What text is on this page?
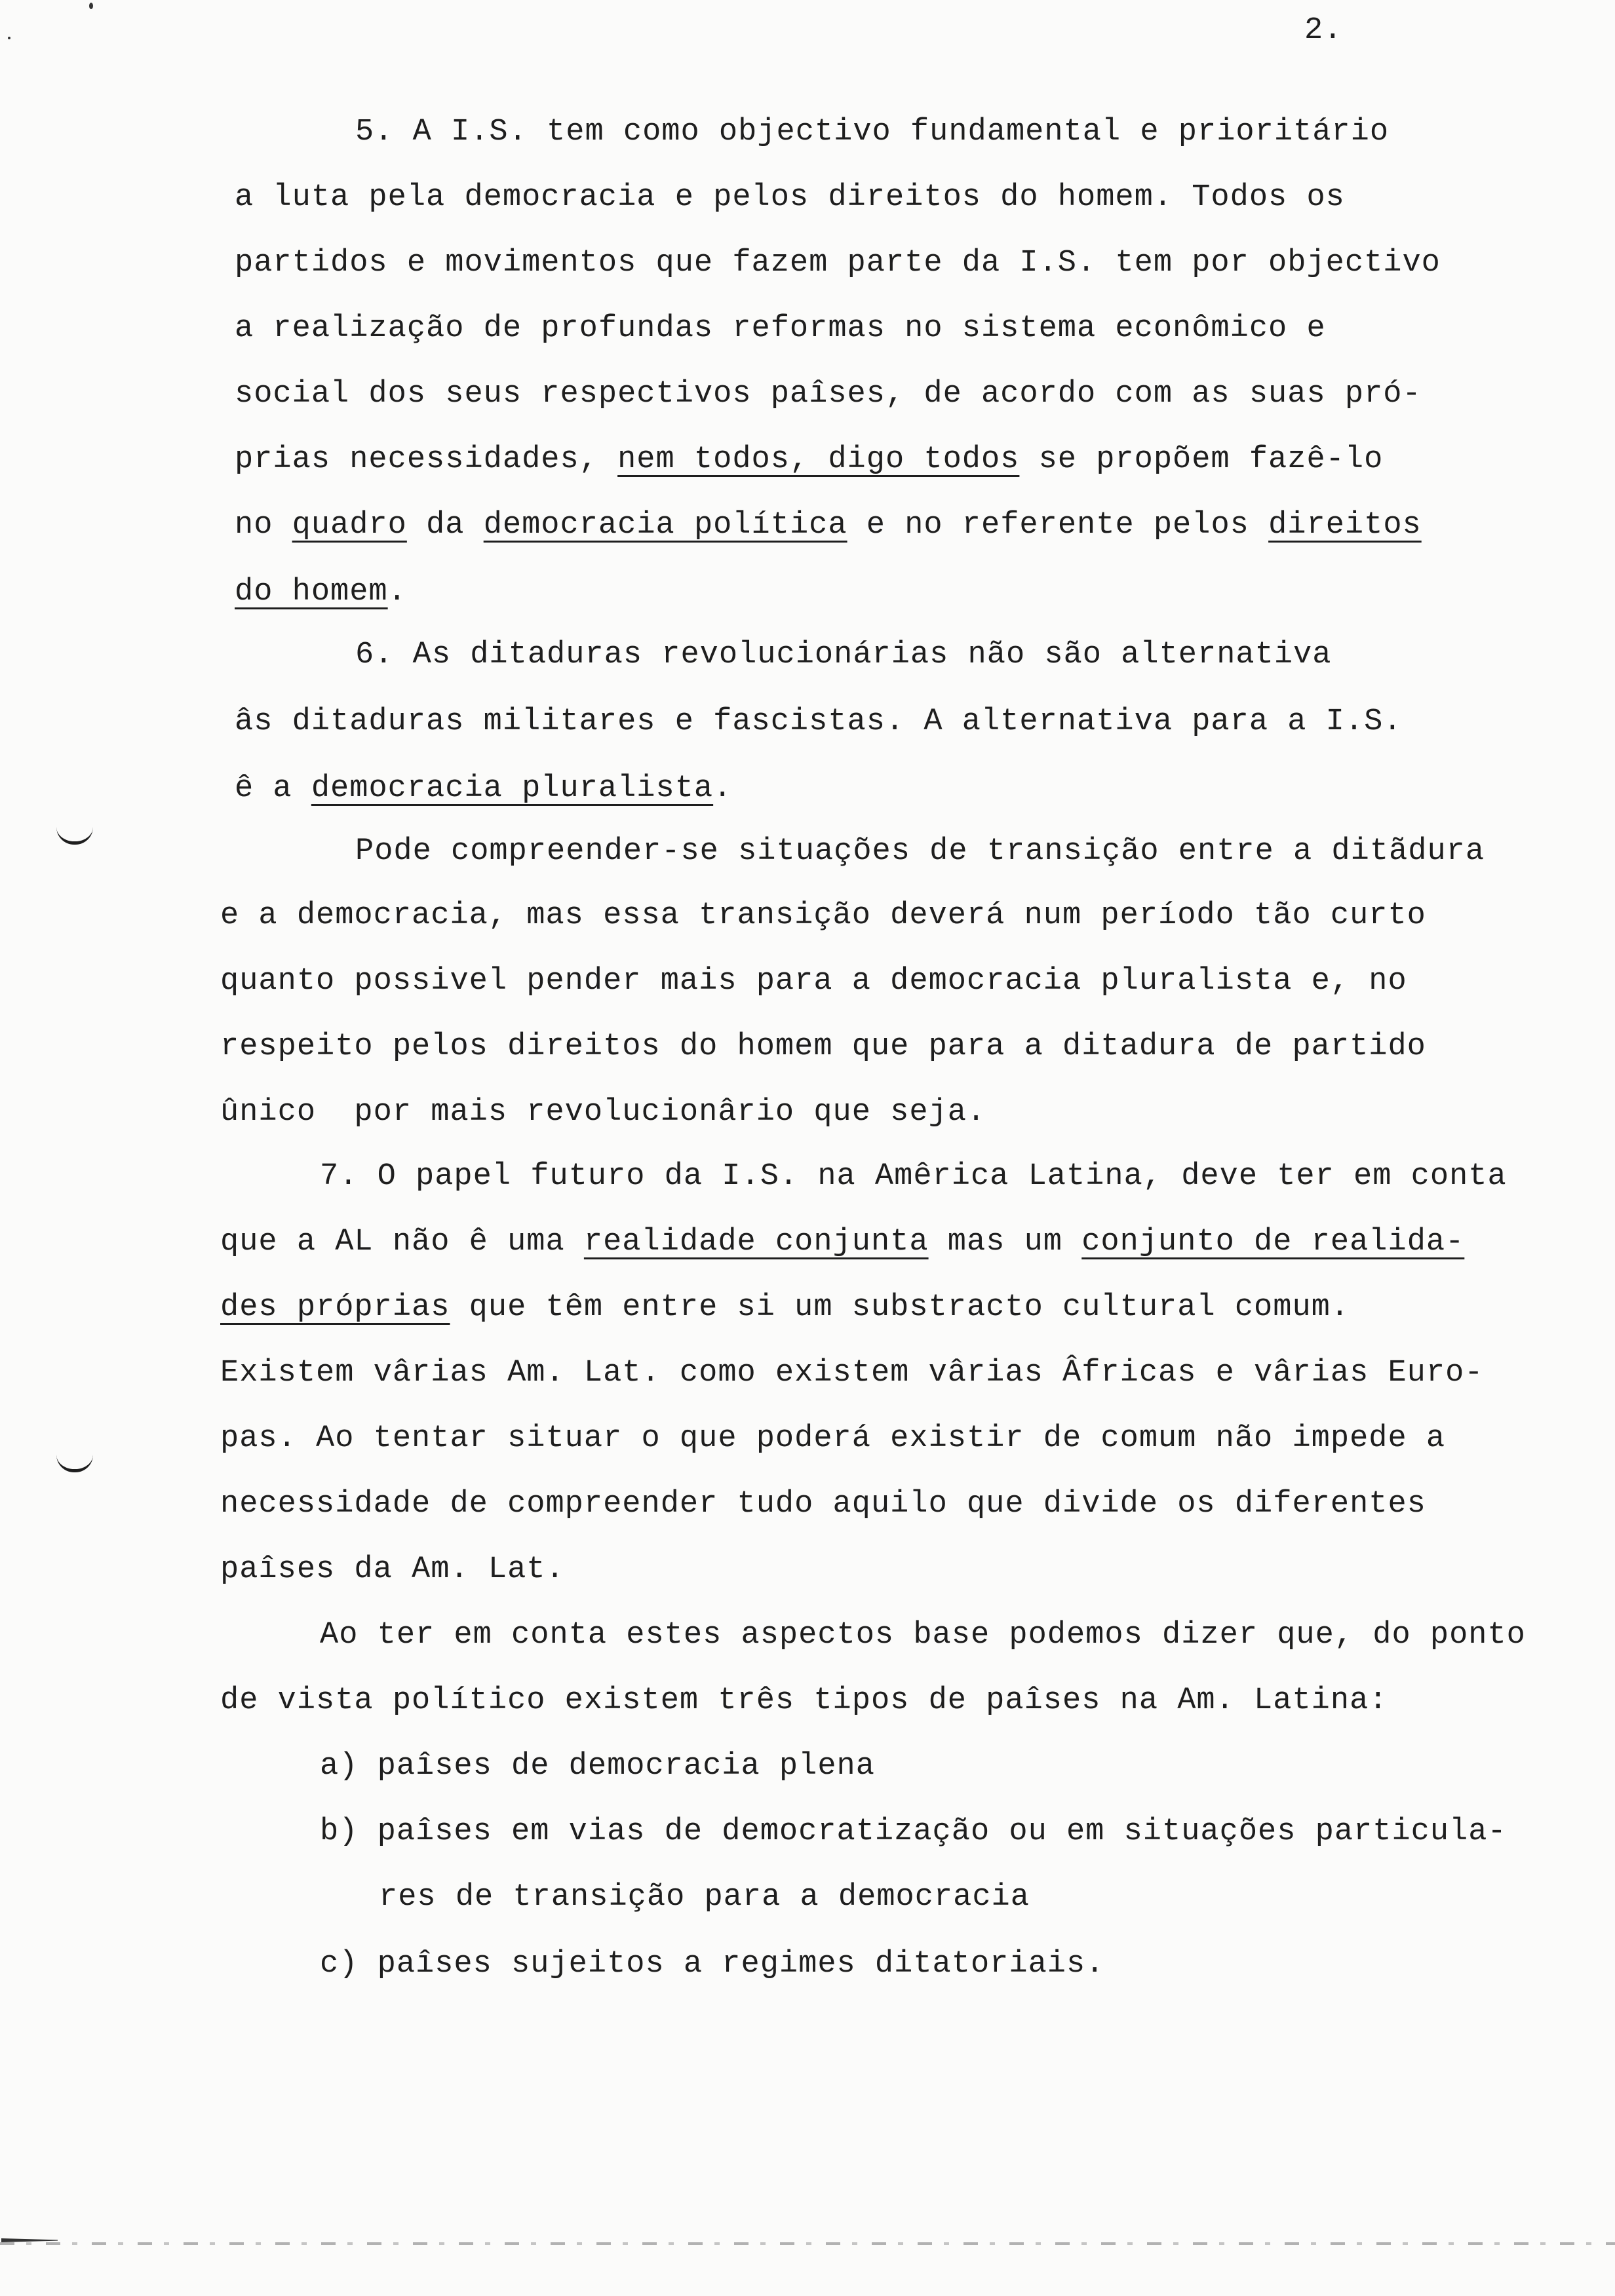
2.
5. A I.S. tem como objectivo fundamental e prioritário
a luta pela democracia e pelos direitos do homem. Todos os
partidos e movimentos que fazem parte da I.S. tem por objectivo
a realização de profundas reformas no sistema econômico e
social dos seus respectivos paîses, de acordo com as suas pró-
prias necessidades, nem todos, digo todos se propõem fazê-lo
no quadro da democracia política e no referente pelos direitos
do homem.
6. As ditaduras revolucionárias não são alternativa
âs ditaduras militares e fascistas. A alternativa para a I.S.
ê a democracia pluralista.
Pode compreender-se situações de transição entre a ditãdura
e a democracia, mas essa transição deverá num período tão curto
quanto possivel pender mais para a democracia pluralista e, no
respeito pelos direitos do homem que para a ditadura de partido
ûnico  por mais revolucionârio que seja.
7. O papel futuro da I.S. na Amêrica Latina, deve ter em conta
que a AL não ê uma realidade conjunta mas um conjunto de realida-
des próprias que têm entre si um substracto cultural comum.
Existem vârias Am. Lat. como existem vârias Âfricas e vârias Euro-
pas. Ao tentar situar o que poderá existir de comum não impede a
necessidade de compreender tudo aquilo que divide os diferentes
paîses da Am. Lat.
Ao ter em conta estes aspectos base podemos dizer que, do ponto
de vista político existem três tipos de paîses na Am. Latina:
a) paîses de democracia plena
b) paîses em vias de democratização ou em situações particula-
res de transição para a democracia
c) paîses sujeitos a regimes ditatoriais.
